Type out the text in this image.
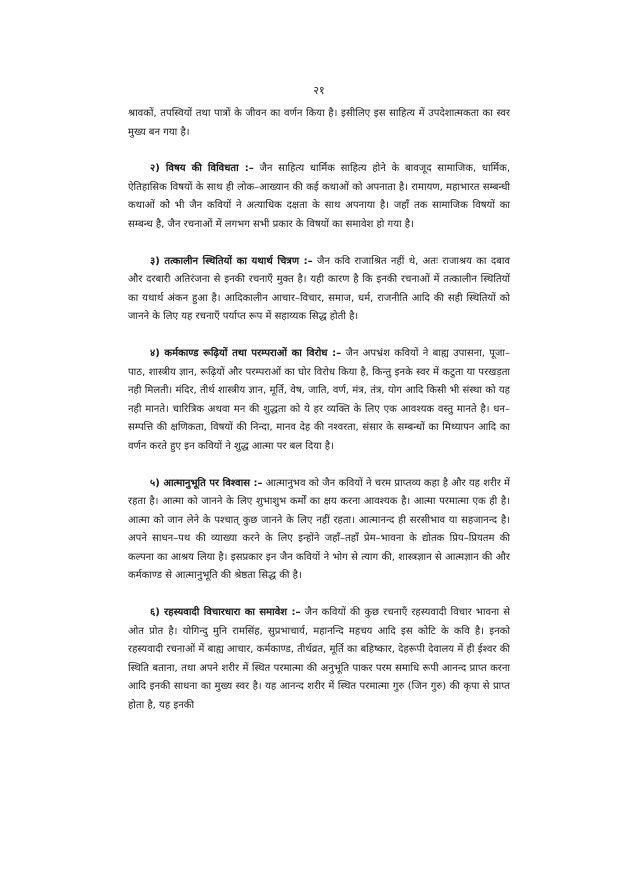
२१

श्रावकों, तपस्वियों तथा पात्रों के जीवन का वर्णन किया है। इसीलिए इस साहित्य में उपदेशात्मकता का स्वर मुख्य बन गया है।

२) विषय की विविधता :– जैन साहित्य धार्मिक साहित्य होने के बावजूद सामाजिक, धार्मिक, ऐतिहासिक विषयों के साथ ही लोक–आख्यान की कई कथाओं को अपनाता है। रामायण, महाभारत सम्बन्धी कथाओं कोे भी जैन कवियों ने अत्याधिक दक्षता के साथ अपनाया है। जहाँ तक सामाजिक विषयों का सम्बन्ध है, जैन रचनाओं में लगभग सभी प्रकार के विषयों का समावेश हो गया है।

३) तत्कालीन स्थितियों का यथार्थ चित्रण :– जैन कवि राजाश्रित नहीं थे, अतः राजाश्रय का दबाव और दरबारी अतिरंजना से इनकी रचनाएँ मुक्त है। यही कारण है कि इनकी रचनाओं में तत्कालीन स्थितियों का यथार्थ अंकन हुआ है। आदिकालीन आचार–विचार, समाज, धर्म, राजनीति आदि की सही स्थितियों को जानने के लिए यह रचनाएँ पर्याप्त रूप में सहाय्यक सिद्ध होती है।

४) कर्मकाण्ड रूढ़ियों तथा परम्पराओं का विरोध :– जैन अपभ्रंश कवियों ने बाह्य उपासना, पूजा–पाठ, शास्त्रीय ज्ञान, रूढ़ियों और परम्पराओं का घोर विरोध किया है, किन्तु इनके स्वर में कटुता या परखड़ता नही मिलती। मंदिर, तीर्थ शास्त्रीय ज्ञान, मूर्ति, वेष, जाति, वर्ण, मंत्र, तंत्र, योग आदि किसी भी संस्था को यह नही मानते। चारित्रिक अथवा मन की शुद्धता को ये हर व्यक्ति के लिए एक आवश्यक वस्तु मानते है। धन–सम्पत्ति की क्षणिकता, विषयों की निन्दा, मानव देह की नश्वरता, संसार के सम्बन्धों का मिथ्यापन आदि का वर्णन करते हुए इन कवियों ने शुद्ध आत्मा पर बल दिया है।

५) आत्मानुभूति पर विश्वास :– आत्मानुभव को जैन कवियों ने चरम प्राप्तव्य कहा है और यह शरीर में रहता है। आत्मा को जानने के लिए शुभाशुभ कर्मों का क्षय करना आवश्यक है। आत्मा परमात्मा एक ही है। आत्मा को जान लेने के पश्चात् कुछ जानने के लिए नहीं रहता। आत्मानन्द ही सरसीभाव या सहजानन्द है। अपने साधन–पथ की व्याख्या करने के लिए इन्होंने जहाँ–तहाँ प्रेम–भावना के द्योतक प्रिय–प्रियतम की कल्पना का आश्रय लिया है। इसप्रकार इन जैन कवियों ने भोग से त्याग की, शास्त्रज्ञान से आत्मज्ञान की और कर्मकाण्ड से आत्मानुभूति की श्रेष्ठता सिद्ध की है।

६) रहस्यवादी विचारधारा का समावेश :– जैन कवियों की कुछ रचनाएँ रहस्यवादी विचार भावना से ओत प्रोत है। योगिन्दु मुनि रामसिंह, सुप्रभाचार्य, महानन्दि महचय आदि इस कोटि के कवि है। इनको रहस्यवादी रचनाओं में बाह्य आचार, कर्मकाण्ड, तीर्थव्रत, मूर्ति का बहिष्कार, देहरूपी देवालय में ही ईश्वर की स्थिति बताना, तथा अपने शरीर में स्थित परमात्मा की अनुभूति पाकर परम समाधि रूपी आनन्द प्राप्त करना आदि इनकी साधना का मुख्य स्वर है। यह आनन्द शरीर में स्थित परमात्मा गुरु (जिन गुरु) की कृपा से प्राप्त होता है, यह इनकी
